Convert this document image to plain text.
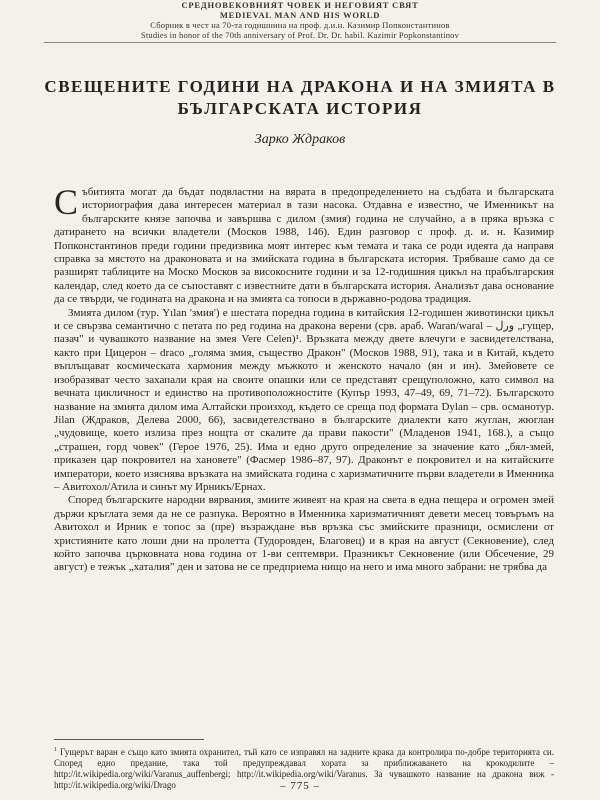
СРЕДНОВЕКОВНИЯТ ЧОВЕК И НЕГОВИЯТ СВЯТ
MEDIEVAL MAN AND HIS WORLD
Сборник в чест на 70-та годишнина на проф. д.и.н. Казимир Попконстантинов
Studies in honor of the 70th anniversary of Prof. Dr. Dr. habil. Kazimir Popkonstantinov
СВЕЩЕНИТЕ ГОДИНИ НА ДРАКОНА И НА ЗМИЯТА В БЪЛГАРСКАТА ИСТОРИЯ
Зарко Ждраков

Събитията могат да бъдат подвластни на вярата в предопределението на съдбата и българската историография дава интересен материал в тази насока. Отдавна е известно, че Именникът на българските князе започва и завършва с дилом (змия) година не случайно, а в пряка връзка с датирането на всички владетели (Москов 1988, 146). Един разговор с проф. д. и. н. Казимир Попконстантинов преди години предизвика моят интерес към темата и така се роди идеята да направя справка за мястото на драконовата и на змийската година в българската история. Трябваше само да се разширят таблиците на Моско Москов за високосните години и за 12-годишния цикъл на прабългарския календар, след което да се съпоставят с известните дати в българската история. Анализът дава основание да се твърди, че годината на дракона и на змията са топоси в държавно-родова традиция.

Змията дилом (тур. Yılan 'змия') е шестата поредна година в китайския 12-годишен животински цикъл и се свързва семантично с петата по ред година на дракона верени (срв. араб. Waran/waral – ورل „гущер, пазач" и чувашкото название на змея Vere Celen)¹. Връзката между двете влечуги е засвидетелствана, както при Цицерон – draco „голяма змия, същество Дракон" (Москов 1988, 91), така и в Китай, където въплъщават космическата хармония между мъжкото и женското начало (ян и ин). Змейовете се изобразяват често захапали края на своите опашки или се представят срещуположно, като символ на вечната цикличност и единство на противоположностите (Купър 1993, 47–49, 69, 71–72). Българското название на змията дилом има Алтайски произход, където се среща под формата Dylan – срв. османотур. Jilan (Ждраков, Делева 2000, 66), засвидетелствано в българските диалекти като жуглан, жюглан „чудовище, което излиза през нощта от скалите да прави пакости" (Младенов 1941, 168.), а също „страшен, горд човек" (Герое 1976, 25). Има и едно друго определение за значение като „бял-змей, приказен цар покровител на хановете" (Фасмер 1986–87, 97). Драконът е покровител и на китайските императори, което изяснява връзката на змийската година с харизматичните първи владетели в Именника – Авитохол/Атила и синът му Ирникъ/Ернах.

Според българските народни вярвания, змиите живеят на края на света в една пещера и огромен змей държи кръглата земя да не се разпука. Вероятно в Именника харизматичният девети месец товъръмъ на Авитохол и Ирник е топос за (пре) възраждане във връзка със змийските празници, осмислени от християните като лоши дни на пролетта (Тудоровден, Благовец) и в края на август (Секновение), след който започва църковната нова година от 1-ви септември. Празникът Секновение (или Обсечение, 29 август) е тежък „хаталия" ден и затова не се предприема нищо на него и има много забрани: не трябва да

$^1$ Гущерът варан е също като змията охранител, тъй като се изправял на задните крака да контролира по-добре територията си. Според едно предание, така той предупреждавал хората за приближаването на крокодилите – http://it.wikipedia.org/wiki/Varanus_auffenbergi; http://it.wikipedia.org/wiki/Varanus. За чувашкото название на дракона виж - http://it.wikipedia.org/wiki/Drago	– 775 –
